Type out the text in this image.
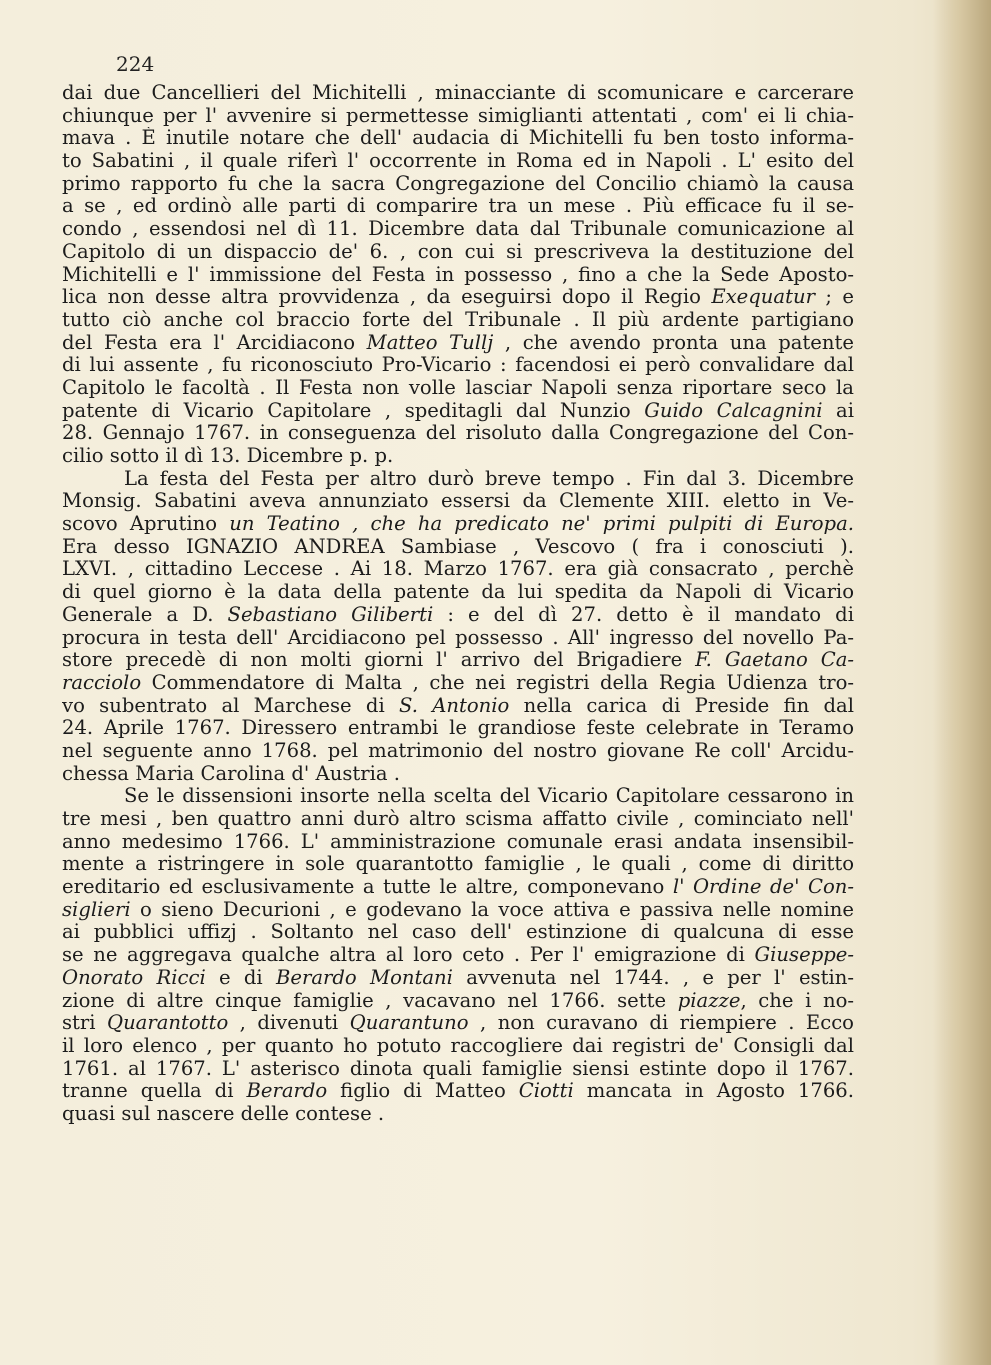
224
dai due Cancellieri del Michitelli , minacciante di scomunicare e carcerare
chiunque per l' avvenire si permettesse simiglianti attentati , com' ei li chia-
mava . È inutile notare che dell' audacia di Michitelli fu ben tosto informa-
to Sabatini , il quale riferì l' occorrente in Roma ed in Napoli . L' esito del
primo rapporto fu che la sacra Congregazione del Concilio chiamò la causa
a se , ed ordinò alle parti di comparire tra un mese . Più efficace fu il se-
condo , essendosi nel dì 11. Dicembre data dal Tribunale comunicazione al
Capitolo di un dispaccio de' 6. , con cui si prescriveva la destituzione del
Michitelli e l' immissione del Festa in possesso , fino a che la Sede Aposto-
lica non desse altra provvidenza , da eseguirsi dopo il Regio Exequatur ; e
tutto ciò anche col braccio forte del Tribunale . Il più ardente partigiano
del Festa era l' Arcidiacono Matteo Tullj , che avendo pronta una patente
di lui assente , fu riconosciuto Pro-Vicario : facendosi ei però convalidare dal
Capitolo le facoltà . Il Festa non volle lasciar Napoli senza riportare seco la
patente di Vicario Capitolare , speditagli dal Nunzio Guido Calcagnini ai
28. Gennajo 1767. in conseguenza del risoluto dalla Congregazione del Con-
cilio sotto il dì 13. Dicembre p. p.
La festa del Festa per altro durò breve tempo . Fin dal 3. Dicembre
Monsig. Sabatini aveva annunziato essersi da Clemente XIII. eletto in Ve-
scovo Aprutino un Teatino , che ha predicato ne' primi pulpiti di Europa.
Era desso IGNAZIO ANDREA Sambiase , Vescovo ( fra i conosciuti ).
LXVI. , cittadino Leccese . Ai 18. Marzo 1767. era già consacrato , perchè
di quel giorno è la data della patente da lui spedita da Napoli di Vicario
Generale a D. Sebastiano Giliberti : e del dì 27. detto è il mandato di
procura in testa dell' Arcidiacono pel possesso . All' ingresso del novello Pa-
store precedè di non molti giorni l' arrivo del Brigadiere F. Gaetano Ca-
racciolo Commendatore di Malta , che nei registri della Regia Udienza tro-
vo subentrato al Marchese di S. Antonio nella carica di Preside fin dal
24. Aprile 1767. Diressero entrambi le grandiose feste celebrate in Teramo
nel seguente anno 1768. pel matrimonio del nostro giovane Re coll' Arcidu-
chessa Maria Carolina d' Austria .
Se le dissensioni insorte nella scelta del Vicario Capitolare cessarono in
tre mesi , ben quattro anni durò altro scisma affatto civile , cominciato nell'
anno medesimo 1766. L' amministrazione comunale erasi andata insensibil-
mente a ristringere in sole quarantotto famiglie , le quali , come di diritto
ereditario ed esclusivamente a tutte le altre, componevano l' Ordine de' Con-
siglieri o sieno Decurioni , e godevano la voce attiva e passiva nelle nomine
ai pubblici uffizj . Soltanto nel caso dell' estinzione di qualcuna di esse
se ne aggregava qualche altra al loro ceto . Per l' emigrazione di Giuseppe-
Onorato Ricci e di Berardo Montani avvenuta nel 1744. , e per l' estin-
zione di altre cinque famiglie , vacavano nel 1766. sette piazze, che i no-
stri Quarantotto , divenuti Quarantuno , non curavano di riempiere . Ecco
il loro elenco , per quanto ho potuto raccogliere dai registri de' Consigli dal
1761. al 1767. L' asterisco dinota quali famiglie siensi estinte dopo il 1767.
tranne quella di Berardo figlio di Matteo Ciotti mancata in Agosto 1766.
quasi sul nascere delle contese .
